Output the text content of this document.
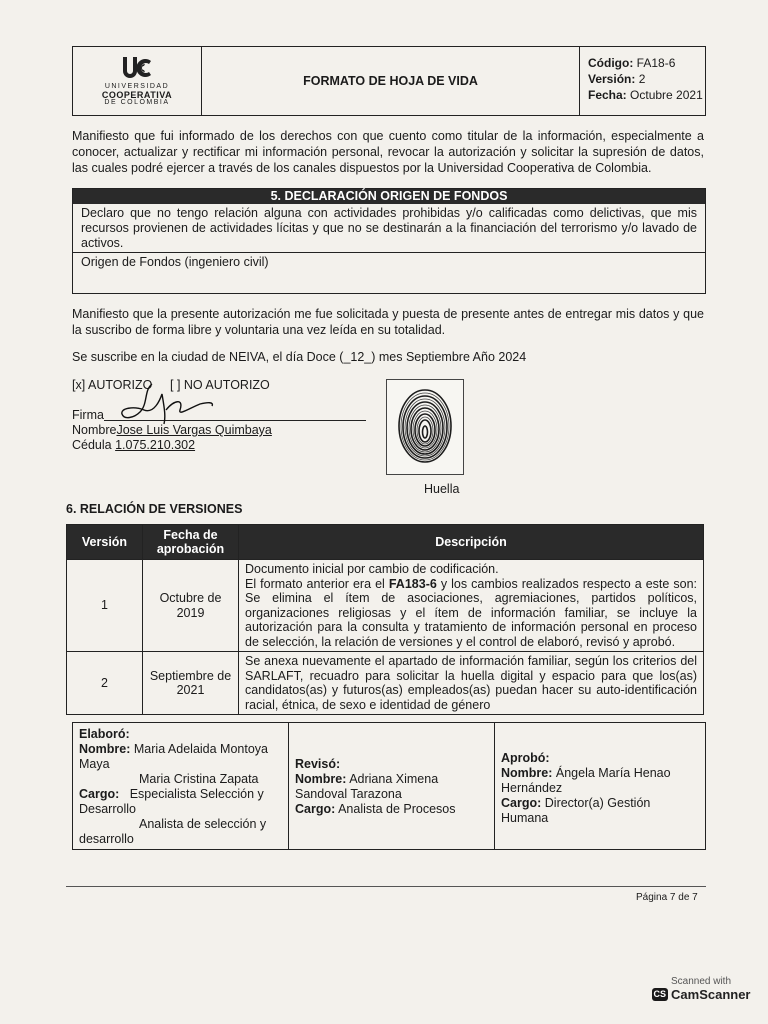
UNIVERSIDAD
COOPERATIVA
DE COLOMBIA
FORMATO DE HOJA DE VIDA
Código: FA18-6
Versión: 2
Fecha: Octubre 2021
Manifiesto que fui informado de los derechos con que cuento como titular de la información, especialmente a conocer, actualizar y rectificar mi información personal, revocar la autorización y solicitar la supresión de datos, las cuales podré ejercer a través de los canales dispuestos por la Universidad Cooperativa de Colombia.
5. DECLARACIÓN ORIGEN DE FONDOS
Declaro que no tengo relación alguna con actividades prohibidas y/o calificadas como delictivas, que mis recursos provienen de actividades lícitas y que no se destinarán a la financiación del terrorismo y/o lavado de activos.
Origen de Fondos (ingeniero civil)
Manifiesto que la presente autorización me fue solicitada y puesta de presente antes de entregar mis datos y que la suscribo de forma libre y voluntaria una vez leída en su totalidad.
Se suscribe en la ciudad de NEIVA, el día Doce (_12_) mes Septiembre Año 2024
[x] AUTORIZO	[ ] NO AUTORIZO
Firma
NombreJose Luis Vargas Quimbaya
Cédula 1.075.210.302
Huella
6. RELACIÓN DE VERSIONES
Versión	Fecha de aprobación	Descripción
1	Octubre de 2019	Documento inicial por cambio de codificación.
El formato anterior era el FA183-6 y los cambios realizados respecto a este son: Se elimina el ítem de asociaciones, agremiaciones, partidos políticos, organizaciones religiosas y el ítem de información familiar, se incluye la autorización para la consulta y tratamiento de información personal en proceso de selección, la relación de versiones y el control de elaboró, revisó y aprobó.

2	Septiembre de 2021	Se anexa nuevamente el apartado de información familiar, según los criterios del SARLAFT, recuadro para solicitar la huella digital y espacio para que los(as) candidatos(as) y futuros(as) empleados(as) puedan hacer su auto-identificación racial, étnica, de sexo e identidad de género
Elaboró:
Nombre: Maria Adelaida Montoya Maya
Maria Cristina Zapata
Cargo: Especialista Selección y Desarrollo
Analista de selección y desarrollo
Revisó:
Nombre: Adriana Ximena Sandoval Tarazona
Cargo: Analista de Procesos
Aprobó:
Nombre: Ángela María Henao Hernández
Cargo: Director(a) Gestión Humana
Página 7 de 7
Scanned with
CS CamScanner
